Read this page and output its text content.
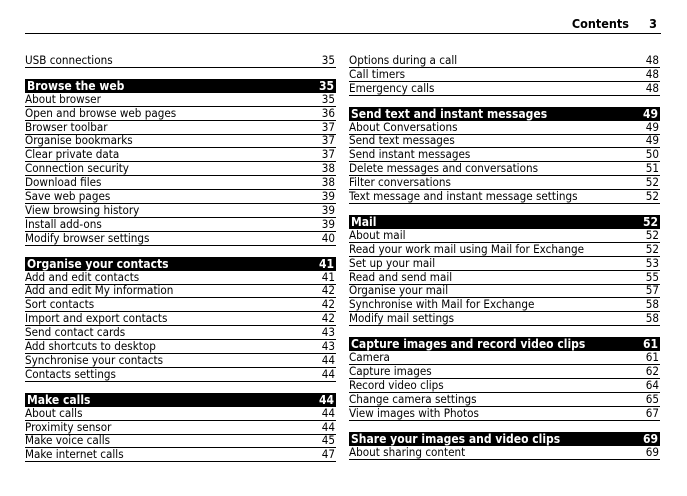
Contents 3
USB connections	35
Browse the web	35
About browser	35
Open and browse web pages	36
Browser toolbar	37
Organise bookmarks	37
Clear private data	37
Connection security	38
Download files	38
Save web pages	39
View browsing history	39
Install add-ons	39
Modify browser settings	40
Organise your contacts	41
Add and edit contacts	41
Add and edit My information	42
Sort contacts	42
Import and export contacts	42
Send contact cards	43
Add shortcuts to desktop	43
Synchronise your contacts	44
Contacts settings	44
Make calls	44
About calls	44
Proximity sensor	44
Make voice calls	45
Make internet calls	47
Options during a call	48
Call timers	48
Emergency calls	48
Send text and instant messages	49
About Conversations	49
Send text messages	49
Send instant messages	50
Delete messages and conversations	51
Filter conversations	52
Text message and instant message settings	52
Mail	52
About mail	52
Read your work mail using Mail for Exchange	52
Set up your mail	53
Read and send mail	55
Organise your mail	57
Synchronise with Mail for Exchange	58
Modify mail settings	58
Capture images and record video clips	61
Camera	61
Capture images	62
Record video clips	64
Change camera settings	65
View images with Photos	67
Share your images and video clips	69
About sharing content	69
